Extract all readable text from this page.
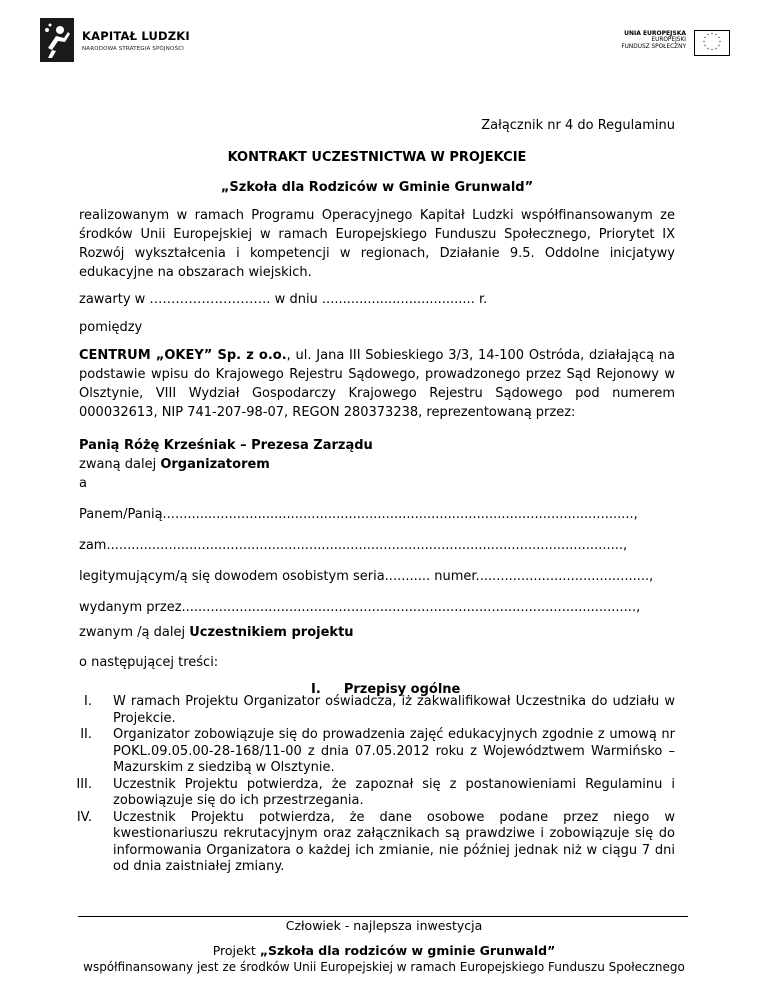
KAPITAŁ LUDZKI
NARODOWA STRATEGIA SPÓJNOŚCI
UNIA EUROPEJSKA
EUROPEJSKI
FUNDUSZ SPOŁECZNY
* *
*
*
*
*
*
*
*
*
*
*

Załącznik nr 4 do Regulaminu

KONTRAKT UCZESTNICTWA W PROJEKCIE

„Szkoła dla Rodziców w Gminie Grunwald”

realizowanym w ramach Programu Operacyjnego Kapitał Ludzki współfinansowanym ze środków Unii Europejskiej w ramach Europejskiego Funduszu Społecznego, Priorytet IX Rozwój wykształcenia i kompetencji w regionach, Działanie 9.5. Oddolne inicjatywy edukacyjne na obszarach wiejskich.

zawarty w ………………………. w dniu ..................................... r.

pomiędzy

CENTRUM „OKEY” Sp. z o.o., ul. Jana III Sobieskiego 3/3, 14-100 Ostróda, działającą na podstawie wpisu do Krajowego Rejestru Sądowego, prowadzonego przez Sąd Rejonowy w Olsztynie, VIII Wydział Gospodarczy Krajowego Rejestru Sądowego pod numerem 000032613, NIP 741-207-98-07, REGON 280373238, reprezentowaną przez:

Panią Różę Krześniak – Prezesa Zarządu

zwaną dalej Organizatorem

a

Panem/Panią..................................................................................................................,

zam.............................................................................................................................,

legitymującym/ą się dowodem osobistym seria........... numer..........................................,

wydanym przez..............................................................................................................,

zwanym /ą dalej Uczestnikiem projektu

o następującej treści:

I. Przepisy ogólne
I. W ramach Projektu Organizator oświadcza, iż zakwalifikował Uczestnika do udziału w Projekcie.
II. Organizator zobowiązuje się do prowadzenia zajęć edukacyjnych zgodnie z umową nr POKL.09.05.00-28-168/11-00 z dnia 07.05.2012 roku z Województwem Warmińsko – Mazurskim z siedzibą w Olsztynie.
III. Uczestnik Projektu potwierdza, że zapoznał się z postanowieniami Regulaminu i zobowiązuje się do ich przestrzegania.
IV. Uczestnik Projektu potwierdza, że dane osobowe podane przez niego w kwestionariuszu rekrutacyjnym oraz załącznikach są prawdziwe i zobowiązuje się do informowania Organizatora o każdej ich zmianie, nie później jednak niż w ciągu 7 dni od dnia zaistniałej zmiany.
Człowiek - najlepsza inwestycja
Projekt „Szkoła dla rodziców w gminie Grunwald”
współfinansowany jest ze środków Unii Europejskiej w ramach Europejskiego Funduszu Społecznego
